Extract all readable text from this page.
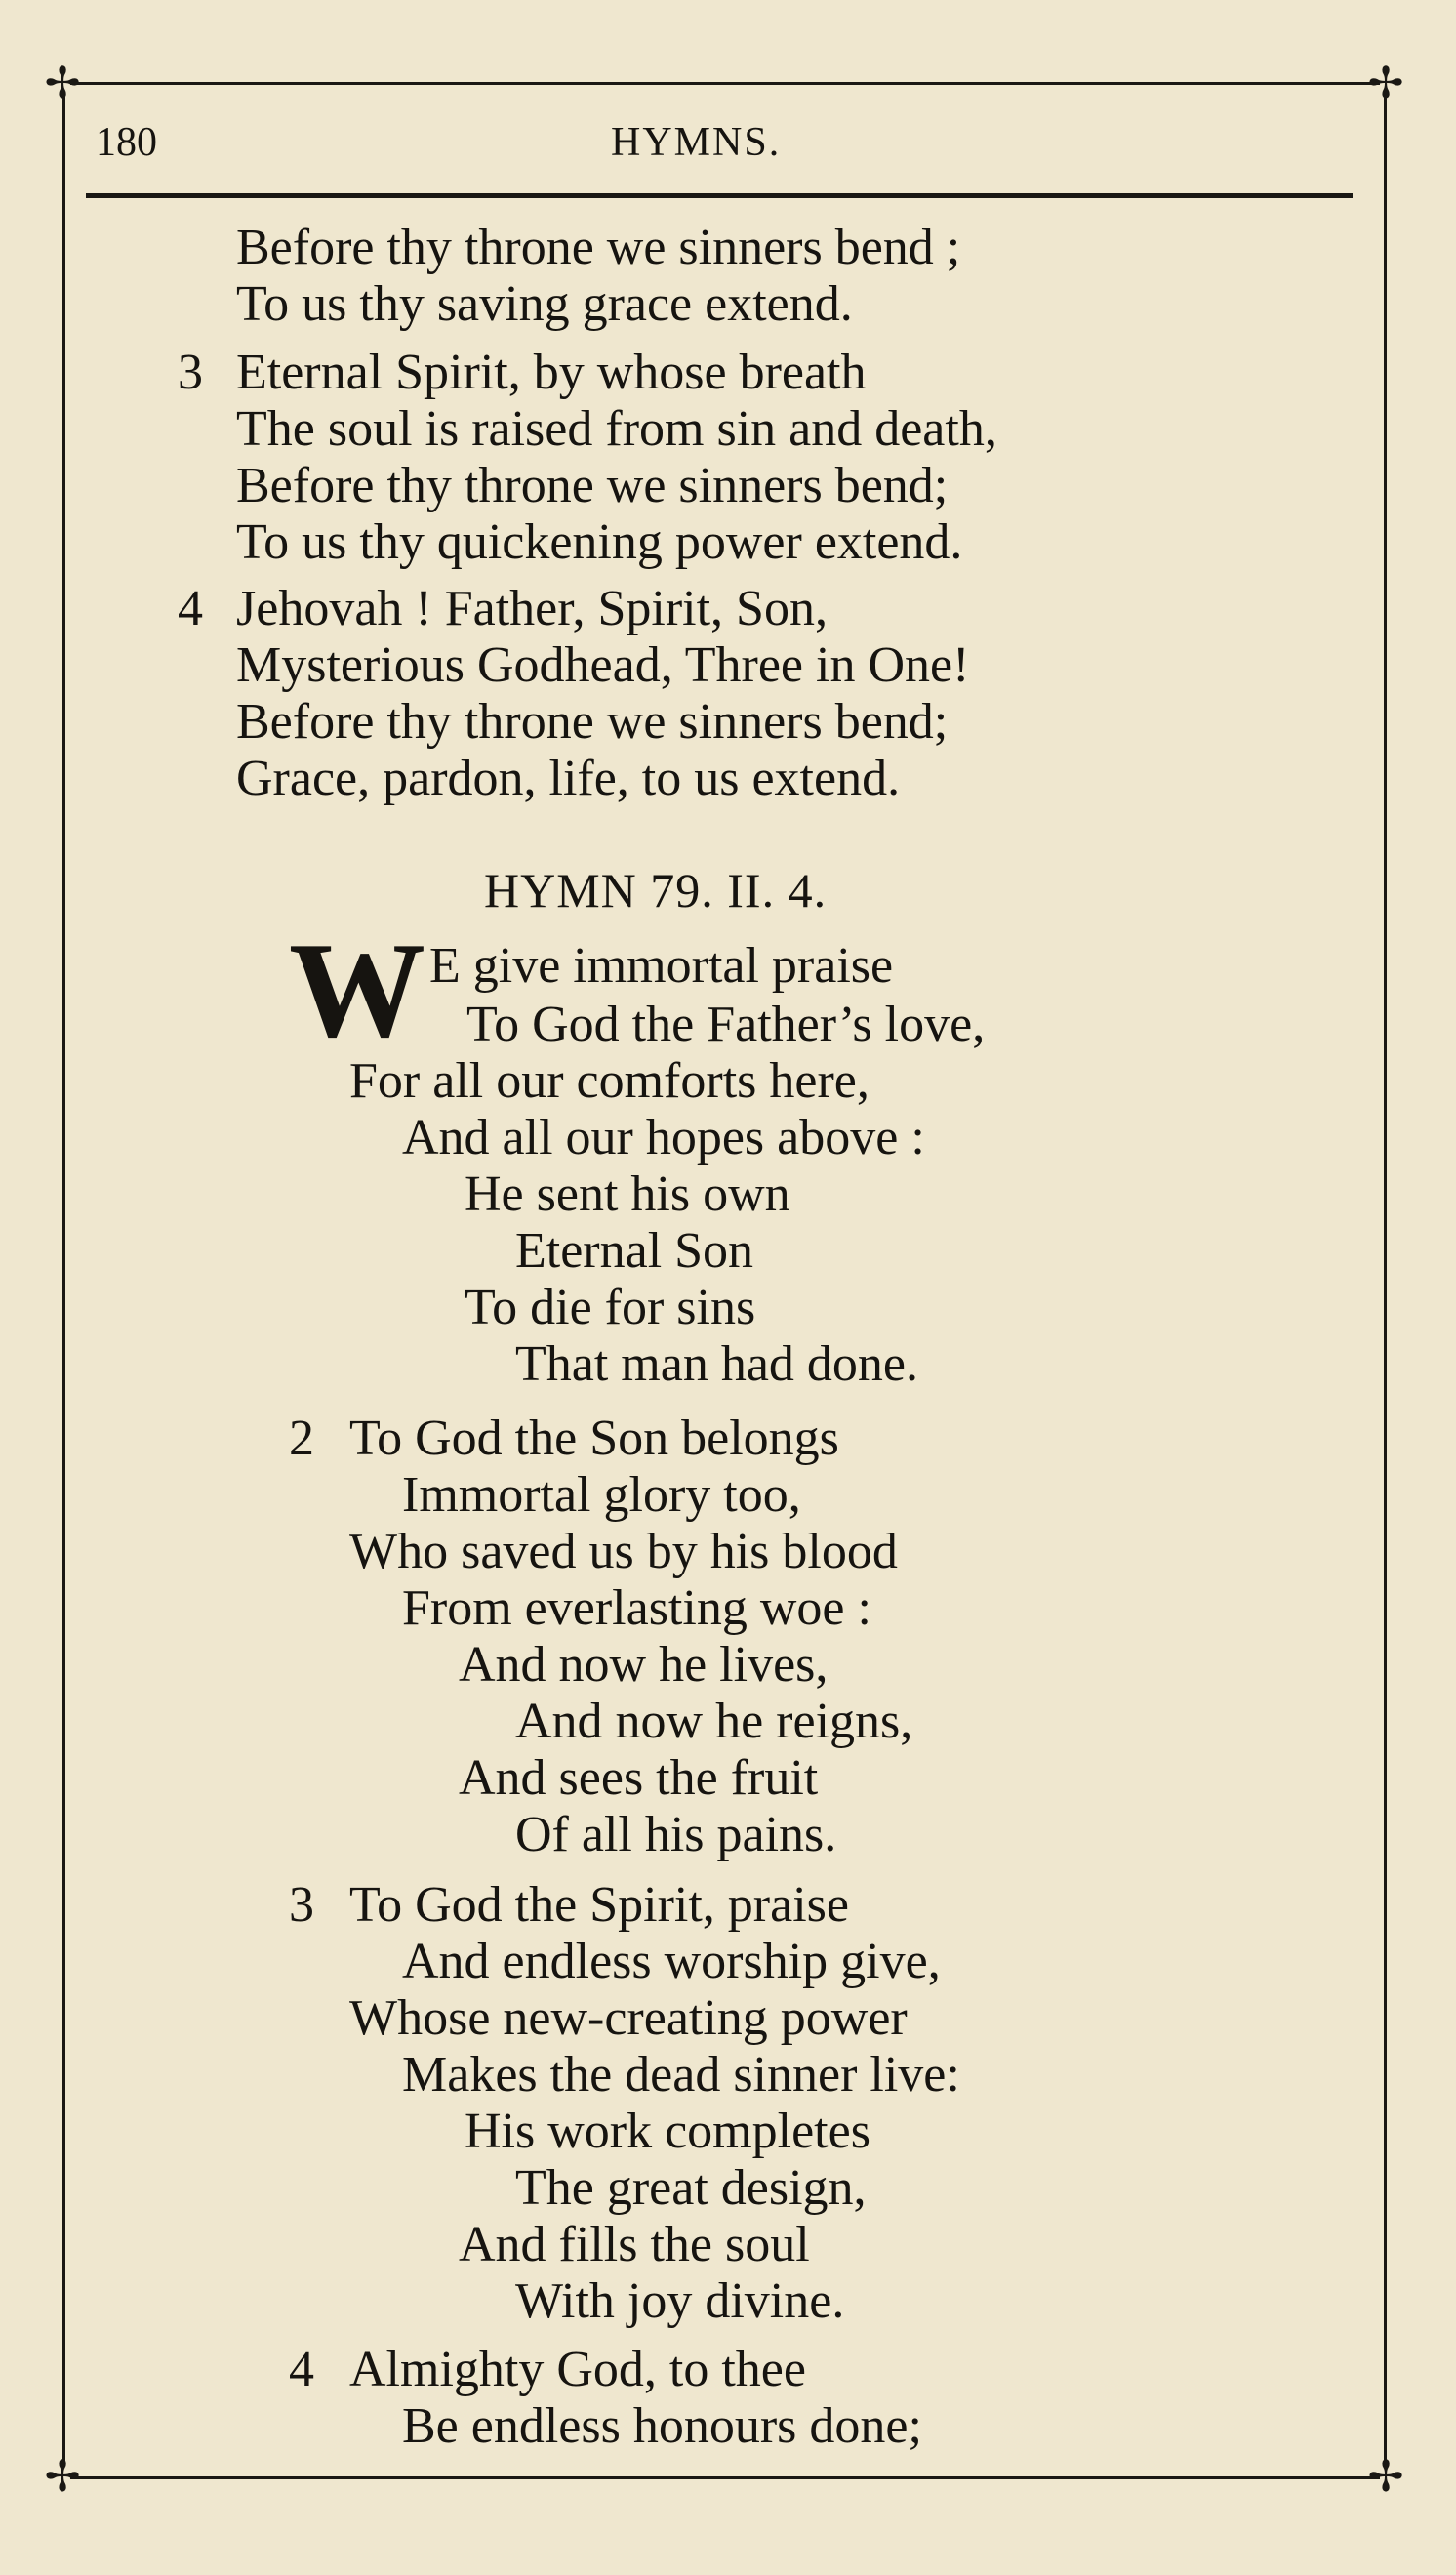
✢	✢
✢	✢
180	HYMNS.
Before thy throne we sinners bend ;
To us thy saving grace extend.
3 Eternal Spirit, by whose breath
The soul is raised from sin and death,
Before thy throne we sinners bend;
To us thy quickening power extend.
4 Jehovah ! Father, Spirit, Son,
Mysterious Godhead, Three in One!
Before thy throne we sinners bend;
Grace, pardon, life, to us extend.
HYMN 79. II. 4.
W E give immortal praise
To God the Father’s love,
For all our comforts here,
And all our hopes above :
He sent his own
Eternal Son
To die for sins
That man had done.
2 To God the Son belongs
Immortal glory too,
Who saved us by his blood
From everlasting woe :
And now he lives,
And now he reigns,
And sees the fruit
Of all his pains.
3 To God the Spirit, praise
And endless worship give,
Whose new-creating power
Makes the dead sinner live:
His work completes
The great design,
And fills the soul
With joy divine.
4 Almighty God, to thee
Be endless honours done;
